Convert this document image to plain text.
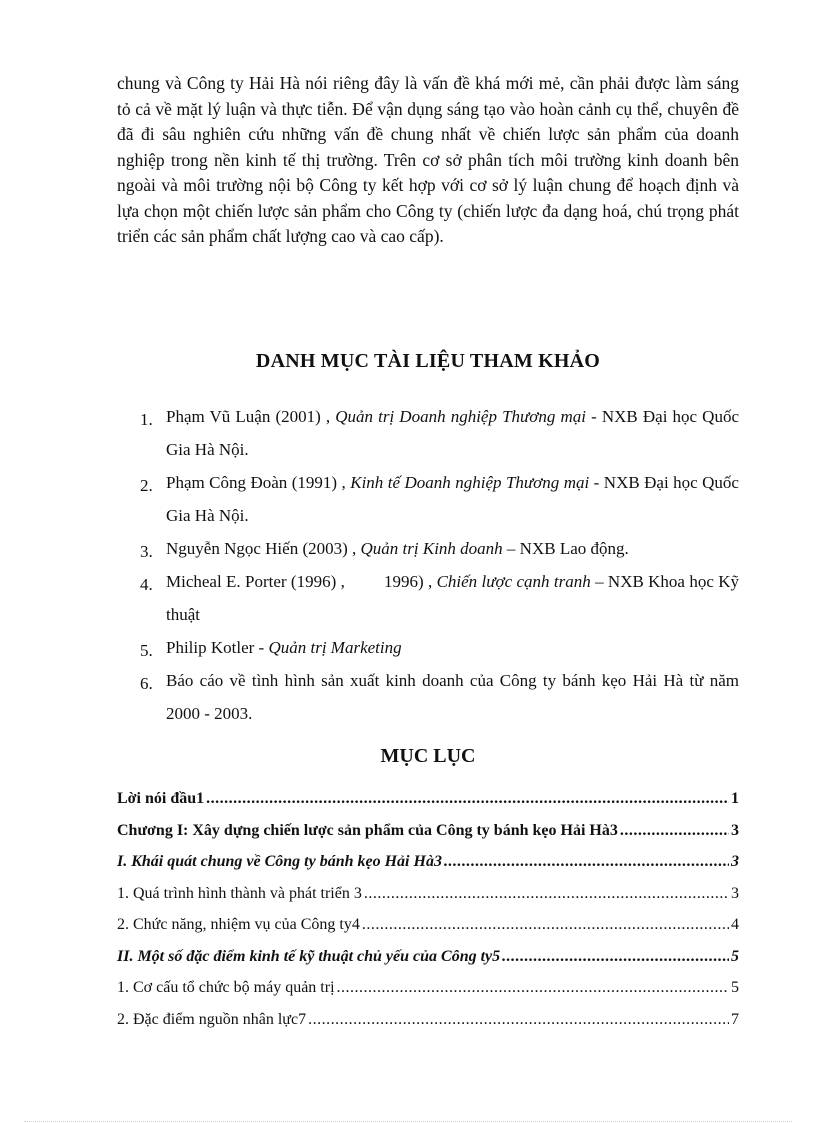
chung và Công ty Hải Hà nói riêng đây là vấn đề khá mới mẻ, cần phải được làm sáng tỏ cả về mặt lý luận và thực tiễn. Để vận dụng sáng tạo vào hoàn cảnh cụ thể, chuyên đề đã đi sâu nghiên cứu những vấn đề chung nhất về chiến lược sản phẩm của doanh nghiệp trong nền kinh tế thị trường. Trên cơ sở phân tích môi trường kinh doanh bên ngoài và môi trường nội bộ Công ty kết hợp với cơ sở lý luận chung để hoạch định và lựa chọn một chiến lược sản phẩm cho Công ty (chiến lược đa dạng hoá, chú trọng phát triển các sản phẩm chất lượng cao và cao cấp).

DANH MỤC TÀI LIỆU THAM KHẢO
1. Phạm Vũ Luận (2001) , Quản trị Doanh nghiệp Thương mại - NXB Đại học Quốc Gia Hà Nội.
2. Phạm Công Đoàn (1991) , Kinh tế Doanh nghiệp Thương mại - NXB Đại học Quốc Gia Hà Nội.
3. Nguyễn Ngọc Hiến (2003) , Quản trị Kinh doanh – NXB Lao động.
4. Micheal E. Porter (1996) ,         1996) , Chiến lược cạnh tranh – NXB Khoa học Kỹ thuật
5. Philip Kotler - Quản trị Marketing
6. Báo cáo về tình hình sản xuất kinh doanh của Công ty bánh kẹo Hải Hà từ năm 2000 - 2003.
MỤC LỤC
Lời nói đầu1 .....	1
Chương I: Xây dựng chiến lược sản phẩm của Công ty bánh kẹo Hải Hà3 .....	3
I. Khái quát chung về Công ty bánh kẹo Hải Hà3 .....	3
1. Quá trình hình thành và phát triển 3 .....	3
2. Chức năng, nhiệm vụ của Công ty4 .....	4
II. Một số đặc điểm kinh tế kỹ thuật chủ yếu của Công ty5 .....	5
1. Cơ cấu tổ chức bộ máy quản trị .....	5
2. Đặc điểm nguồn nhân lực7 .....	7
